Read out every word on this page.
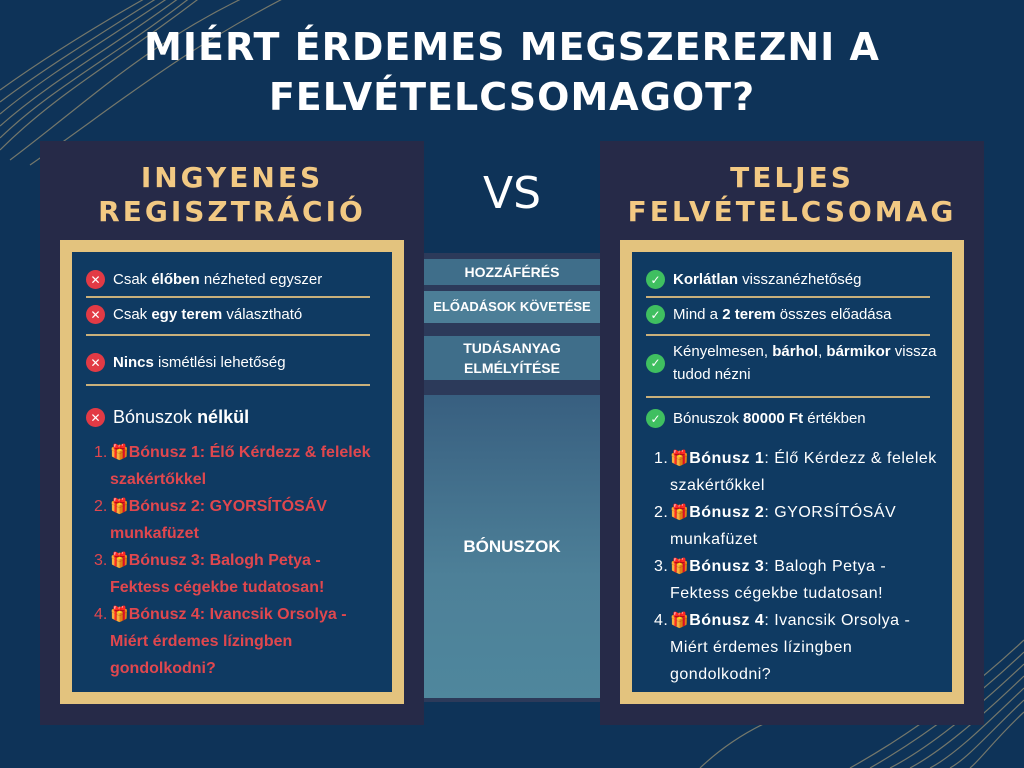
MIÉRT ÉRDEMES MEGSZEREZNI A
FELVÉTELCSOMAGOT?
INGYENES
REGISZTRÁCIÓ
✕ Csak élőben nézheted egyszer
✕ Csak egy terem választható
✕ Nincs ismétlési lehetőség
✕ Bónuszok nélkül
1. 🎁Bónusz 1: Élő Kérdezz & felelek szakértőkkel
2. 🎁Bónusz 2: GYORSÍTÓSÁV munkafüzet
3. 🎁Bónusz 3: Balogh Petya - Fektess cégekbe tudatosan!
4. 🎁Bónusz 4: Ivancsik Orsolya - Miért érdemes lízingben gondolkodni?
VS
HOZZÁFÉRÉS
ELŐADÁSOK KÖVETÉSE
TUDÁSANYAG
ELMÉLYÍTÉSE
BÓNUSZOK
TELJES
FELVÉTELCSOMAG
✓ Korlátlan visszanézhetőség
✓ Mind a 2 terem összes előadása
✓
Kényelmesen, bárhol, bármikor vissza tudod nézni
✓ Bónuszok 80000 Ft értékben
1. 🎁Bónusz 1: Élő Kérdezz & felelek szakértőkkel
2. 🎁Bónusz 2: GYORSÍTÓSÁV munkafüzet
3. 🎁Bónusz 3: Balogh Petya - Fektess cégekbe tudatosan!
4. 🎁Bónusz 4: Ivancsik Orsolya - Miért érdemes lízingben gondolkodni?
